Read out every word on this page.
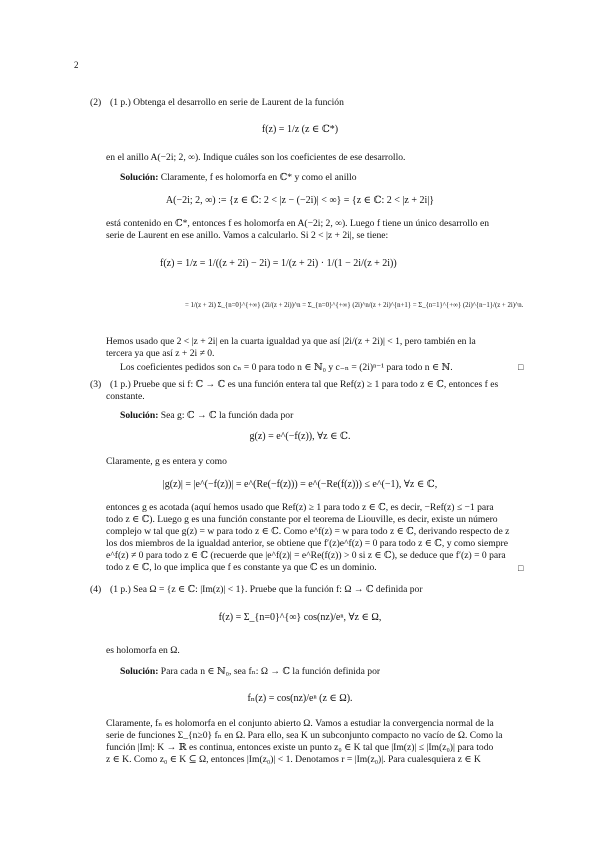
2
(2) (1 p.) Obtenga el desarrollo en serie de Laurent de la función
f(z) = 1/z (z ∈ ℂ*)
en el anillo A(−2i; 2, ∞). Indique cuáles son los coeficientes de ese desarrollo.
Solución: Claramente, f es holomorfa en ℂ* y como el anillo
A(−2i; 2, ∞) := {z ∈ ℂ: 2 < |z − (−2i)| < ∞} = {z ∈ ℂ: 2 < |z + 2i|}
está contenido en ℂ*, entonces f es holomorfa en A(−2i; 2, ∞). Luego f tiene un único desarrollo en
serie de Laurent en ese anillo. Vamos a calcularlo. Si 2 < |z + 2i|, se tiene:
f(z) = 1/z = 1/((z + 2i) − 2i) = 1/(z + 2i) · 1/(1 − 2i/(z + 2i))
= 1/(z + 2i) Σ_{n=0}^{+∞} (2i/(z + 2i))^n = Σ_{n=0}^{+∞} (2i)^n/(z + 2i)^{n+1} = Σ_{n=1}^{+∞} (2i)^{n−1}/(z + 2i)^n.
Hemos usado que 2 < |z + 2i| en la cuarta igualdad ya que así |2i/(z + 2i)| < 1, pero también en la
tercera ya que así z + 2i ≠ 0.
Los coeficientes pedidos son cₙ = 0 para todo n ∈ ℕ₀ y c₋ₙ = (2i)ⁿ⁻¹ para todo n ∈ ℕ.	□
(3) (1 p.) Pruebe que si f: ℂ → ℂ es una función entera tal que Ref(z) ≥ 1 para todo z ∈ ℂ, entonces f es
constante.
Solución: Sea g: ℂ → ℂ la función dada por
g(z) = e^(−f(z)), ∀z ∈ ℂ.
Claramente, g es entera y como
|g(z)| = |e^(−f(z))| = e^(Re(−f(z))) = e^(−Re(f(z))) ≤ e^(−1), ∀z ∈ ℂ,
entonces g es acotada (aquí hemos usado que Ref(z) ≥ 1 para todo z ∈ ℂ, es decir, −Ref(z) ≤ −1 para
todo z ∈ ℂ). Luego g es una función constante por el teorema de Liouville, es decir, existe un número
complejo w tal que g(z) = w para todo z ∈ ℂ. Como e^f(z) = w para todo z ∈ ℂ, derivando respecto de z
los dos miembros de la igualdad anterior, se obtiene que f′(z)e^f(z) = 0 para todo z ∈ ℂ, y como siempre
e^f(z) ≠ 0 para todo z ∈ ℂ (recuerde que |e^f(z)| = e^Re(f(z)) > 0 si z ∈ ℂ), se deduce que f′(z) = 0 para
todo z ∈ ℂ, lo que implica que f es constante ya que ℂ es un dominio.	□
(4) (1 p.) Sea Ω = {z ∈ ℂ: |Im(z)| < 1}. Pruebe que la función f: Ω → ℂ definida por
f(z) = Σ_{n=0}^{∞} cos(nz)/eⁿ, ∀z ∈ Ω,
es holomorfa en Ω.
Solución: Para cada n ∈ ℕ₀, sea fₙ: Ω → ℂ la función definida por
fₙ(z) = cos(nz)/eⁿ (z ∈ Ω).
Claramente, fₙ es holomorfa en el conjunto abierto Ω. Vamos a estudiar la convergencia normal de la
serie de funciones Σ_{n≥0} fₙ en Ω. Para ello, sea K un subconjunto compacto no vacío de Ω. Como la
función |Im|: K → ℝ es continua, entonces existe un punto z₀ ∈ K tal que |Im(z)| ≤ |Im(z₀)| para todo
z ∈ K. Como z₀ ∈ K ⊆ Ω, entonces |Im(z₀)| < 1. Denotamos r = |Im(z₀)|. Para cualesquiera z ∈ K
